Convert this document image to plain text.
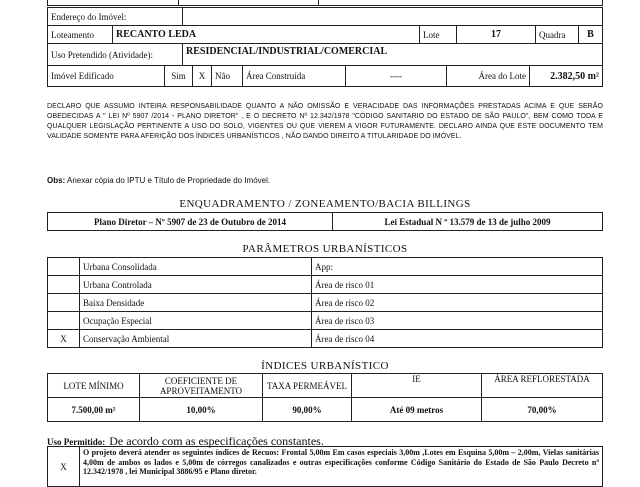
Endereço do Imóvel:	
Loteamento	RECANTO LEDA	Lote	17	Quadra	B
Uso Pretendido (Atividade):	RESIDENCIAL/INDUSTRIAL/COMERCIAL
Imóvel Edificado	Sim	X	Não	Área Construída	----	Área do Lote	2.382,50 m²
DECLARO QUE ASSUMO INTEIRA RESPONSABILIDADE QUANTO A NÃO OMISSÃO E VERACIDADE DAS INFORMAÇÕES PRESTADAS ACIMA E QUE SERÃO OBEDECIDAS A " LEI Nº 5907 /2014 - PLANO DIRETOR" , E O DECRETO Nº 12.342/1978 "CÓDIGO SANITARIO DO ESTADO DE SÃO PAULO", BEM COMO TODA E QUALQUER LEGISLAÇÃO PERTINENTE A USO DO SOLO, VIGENTES OU QUE VIEREM A VIGOR FUTURAMENTE. DECLARO AINDA QUE ESTE DOCUMENTO TEM VALIDADE SOMENTE PARA AFERIÇÃO DOS ÍNDICES URBANÍSTICOS , NÃO DANDO DIREITO A TITULARIDADE DO IMÓVEL.
Obs: Anexar cópia do IPTU e Título de Propriedade do Imóvel.
ENQUADRAMENTO / ZONEAMENTO/BACIA BILLINGS
Plano Diretor – Nº 5907 de 23 de Outubro de 2014	Lei Estadual N º 13.579 de 13 de julho 2009
PARÂMETROS URBANÍSTICOS
	Urbana Consolidada	App:
	Urbana Controlada	Área de risco 01
	Baixa Densidade	Área de risco 02
	Ocupação Especial	Área de risco 03
X	Conservação Ambiental	Área de risco 04
ÍNDICES URBANÍSTICO
LOTE MÍNIMO	COEFICIENTE DE APROVEITAMENTO	TAXA PERMEÁVEL	IE	ÁREA REFLORESTADA
7.500,00 m²	10,00%	90,00%	Até 09 metros	70,00%
Uso Permitido: De acordo com as especificações constantes.
X	O projeto deverá atender os seguintes índices de Recuos: Frontal 5,00m Em casos especiais 3,00m ,Lotes em Esquina 5,00m – 2,00m, Vielas sanitárias 4,00m de ambos os lados e 5,00m de córregos canalizados e outras especificações conforme Código Sanitário do Estado de São Paulo Decreto nº 12.342/1978 , lei Municipal 3886/95 e Plano diretor.
